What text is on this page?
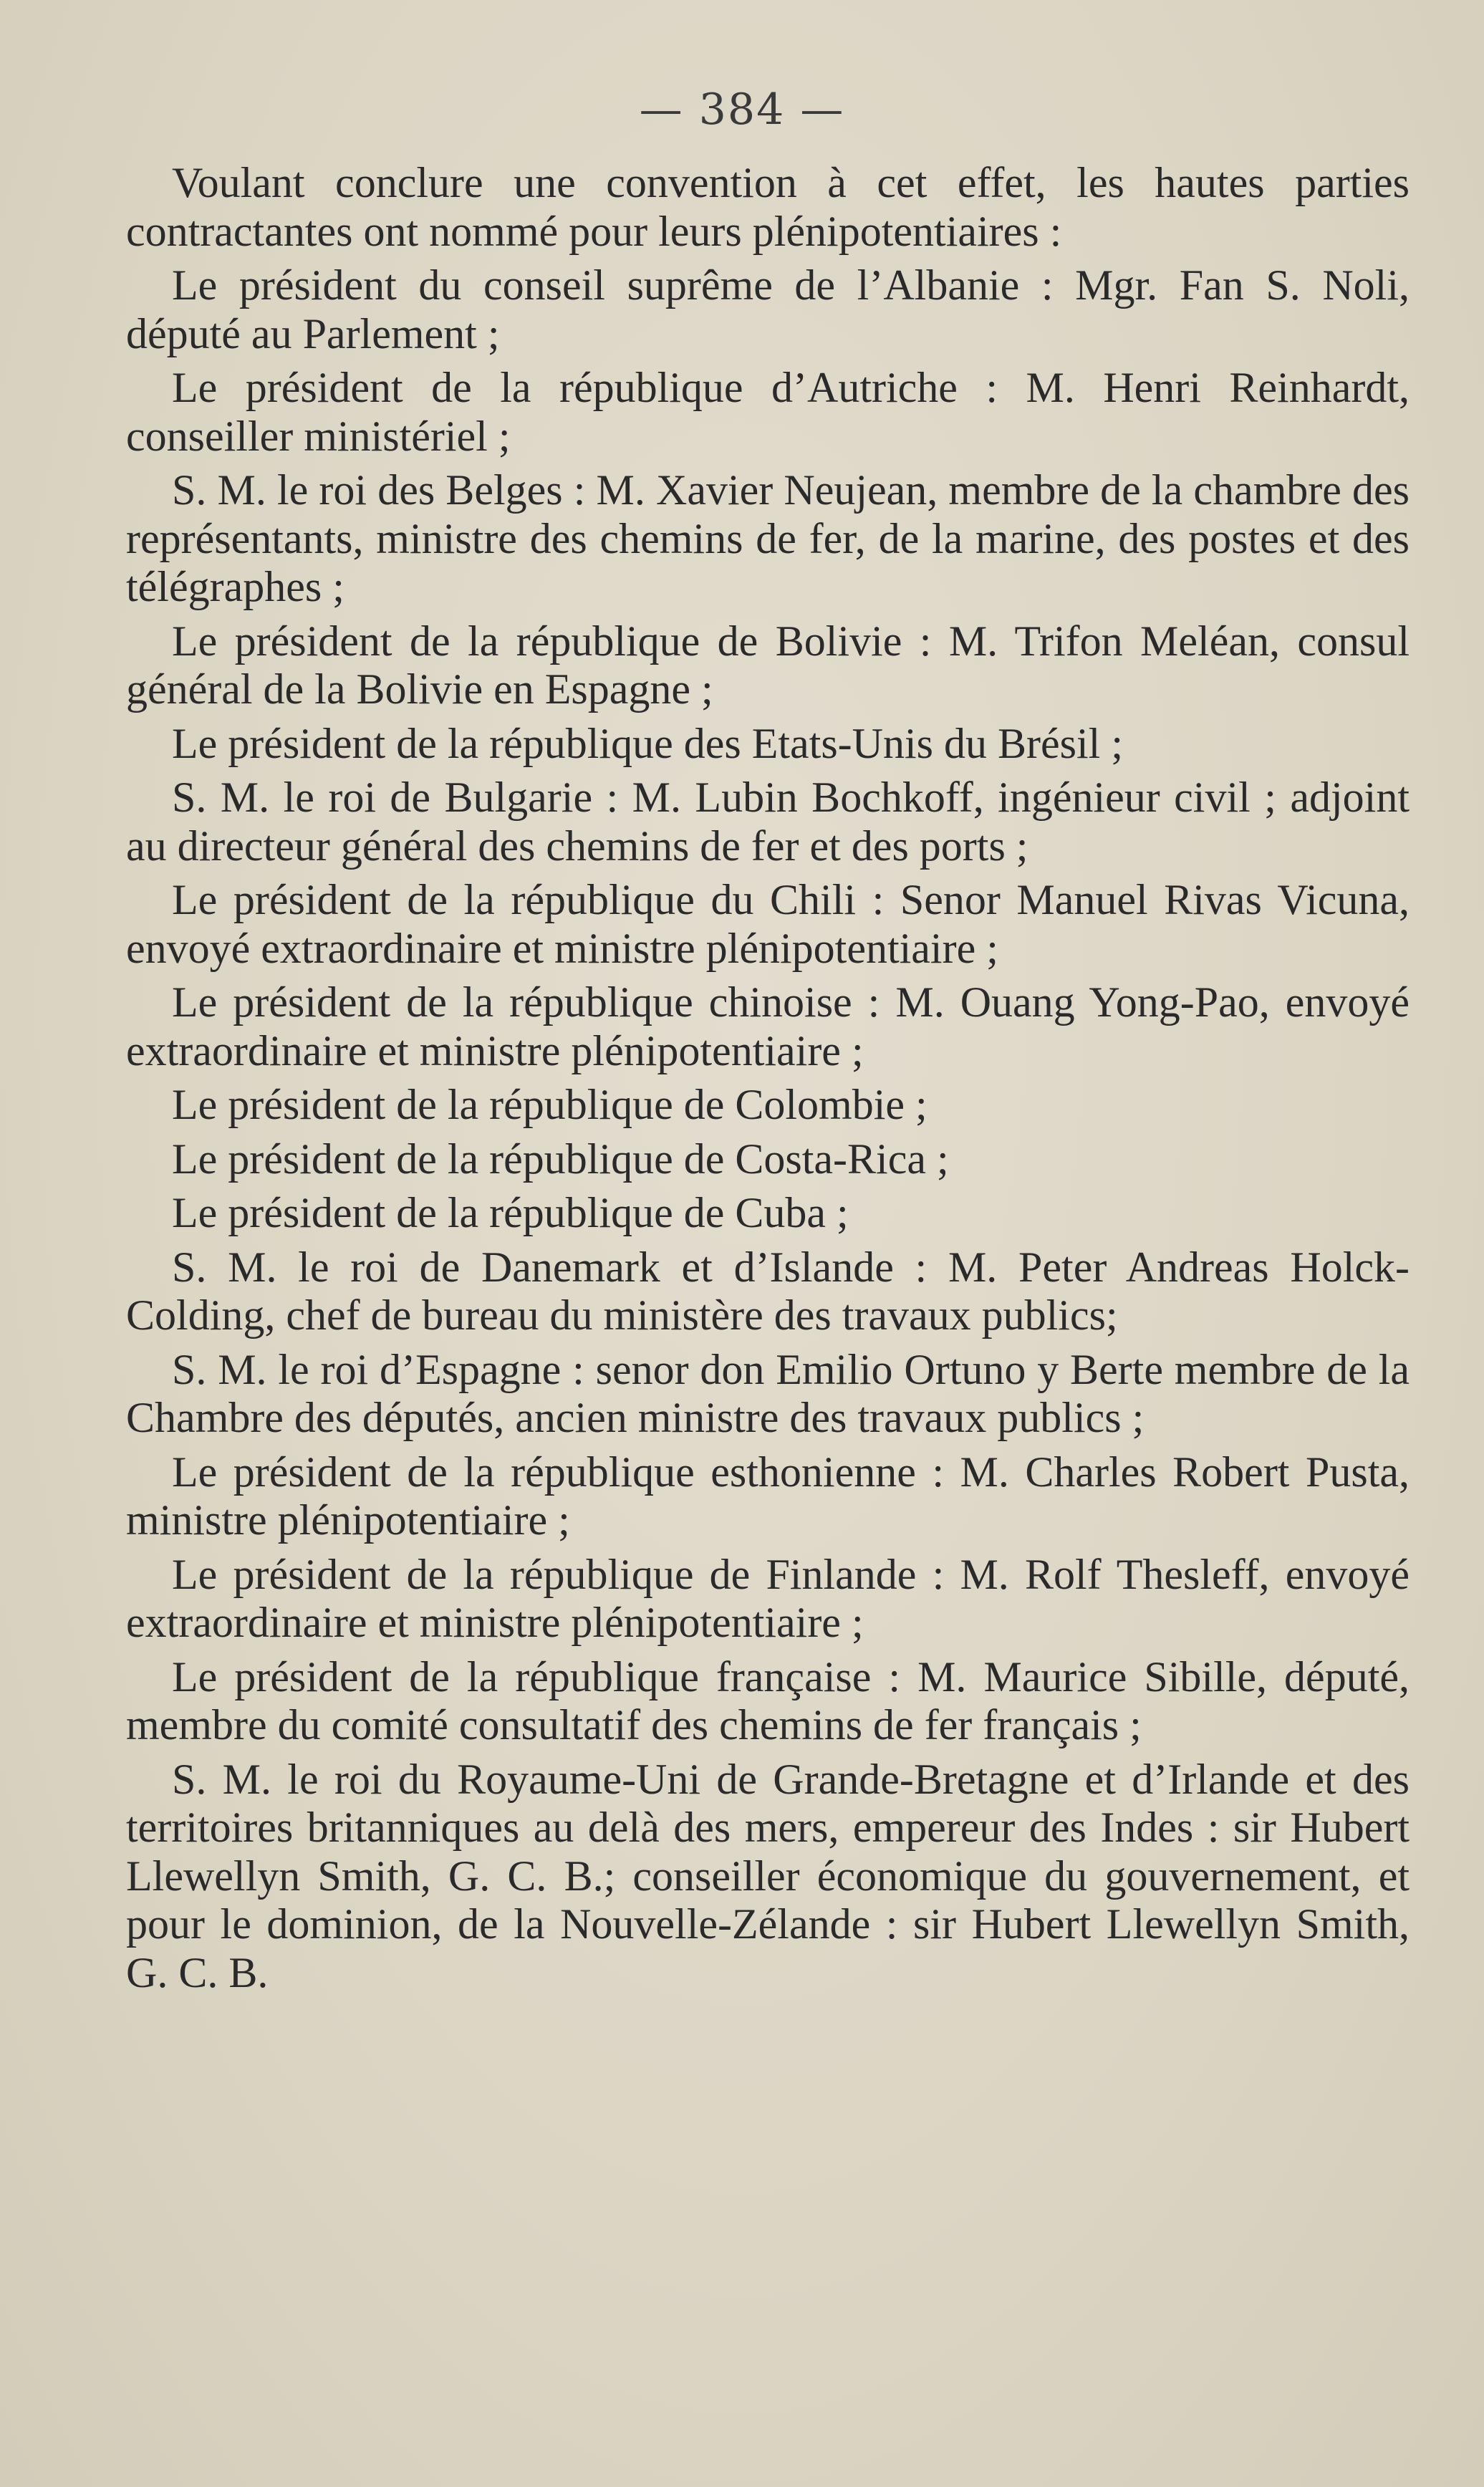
— 384 —

Voulant conclure une convention à cet effet, les hautes parties contractantes ont nommé pour leurs plénipotentiaires :

Le président du conseil suprême de l’Albanie : Mgr. Fan S. Noli, député au Parlement ;

Le président de la république d’Autriche : M. Henri Reinhardt, conseiller ministériel ;

S. M. le roi des Belges : M. Xavier Neujean, membre de la chambre des représentants, ministre des chemins de fer, de la marine, des postes et des télégraphes ;

Le président de la république de Bolivie : M. Trifon Meléan, consul général de la Bolivie en Espagne ;

Le président de la république des Etats-Unis du Brésil ;

S. M. le roi de Bulgarie : M. Lubin Bochkoff, ingénieur civil ; adjoint au directeur général des chemins de fer et des ports ;

Le président de la république du Chili : Senor Manuel Rivas Vicuna, envoyé extraordinaire et ministre plénipotentiaire ;

Le président de la république chinoise : M. Ouang Yong-Pao, envoyé extraordinaire et ministre plénipotentiaire ;

Le président de la république de Colombie ;

Le président de la république de Costa-Rica ;

Le président de la république de Cuba ;

S. M. le roi de Danemark et d’Islande : M. Peter Andreas Holck-Colding, chef de bureau du ministère des travaux publics;

S. M. le roi d’Espagne : senor don Emilio Ortuno y Berte membre de la Chambre des députés, ancien ministre des travaux publics ;

Le président de la république esthonienne : M. Charles Robert Pusta, ministre plénipotentiaire ;

Le président de la république de Finlande : M. Rolf Thesleff, envoyé extraordinaire et ministre plénipotentiaire ;

Le président de la république française : M. Maurice Sibille, député, membre du comité consultatif des chemins de fer français ;

S. M. le roi du Royaume-Uni de Grande-Bretagne et d’Irlande et des territoires britanniques au delà des mers, empereur des Indes : sir Hubert Llewellyn Smith, G. C. B.; conseiller économique du gouvernement, et pour le dominion, de la Nouvelle-Zélande : sir Hubert Llewellyn Smith, G. C. B.
